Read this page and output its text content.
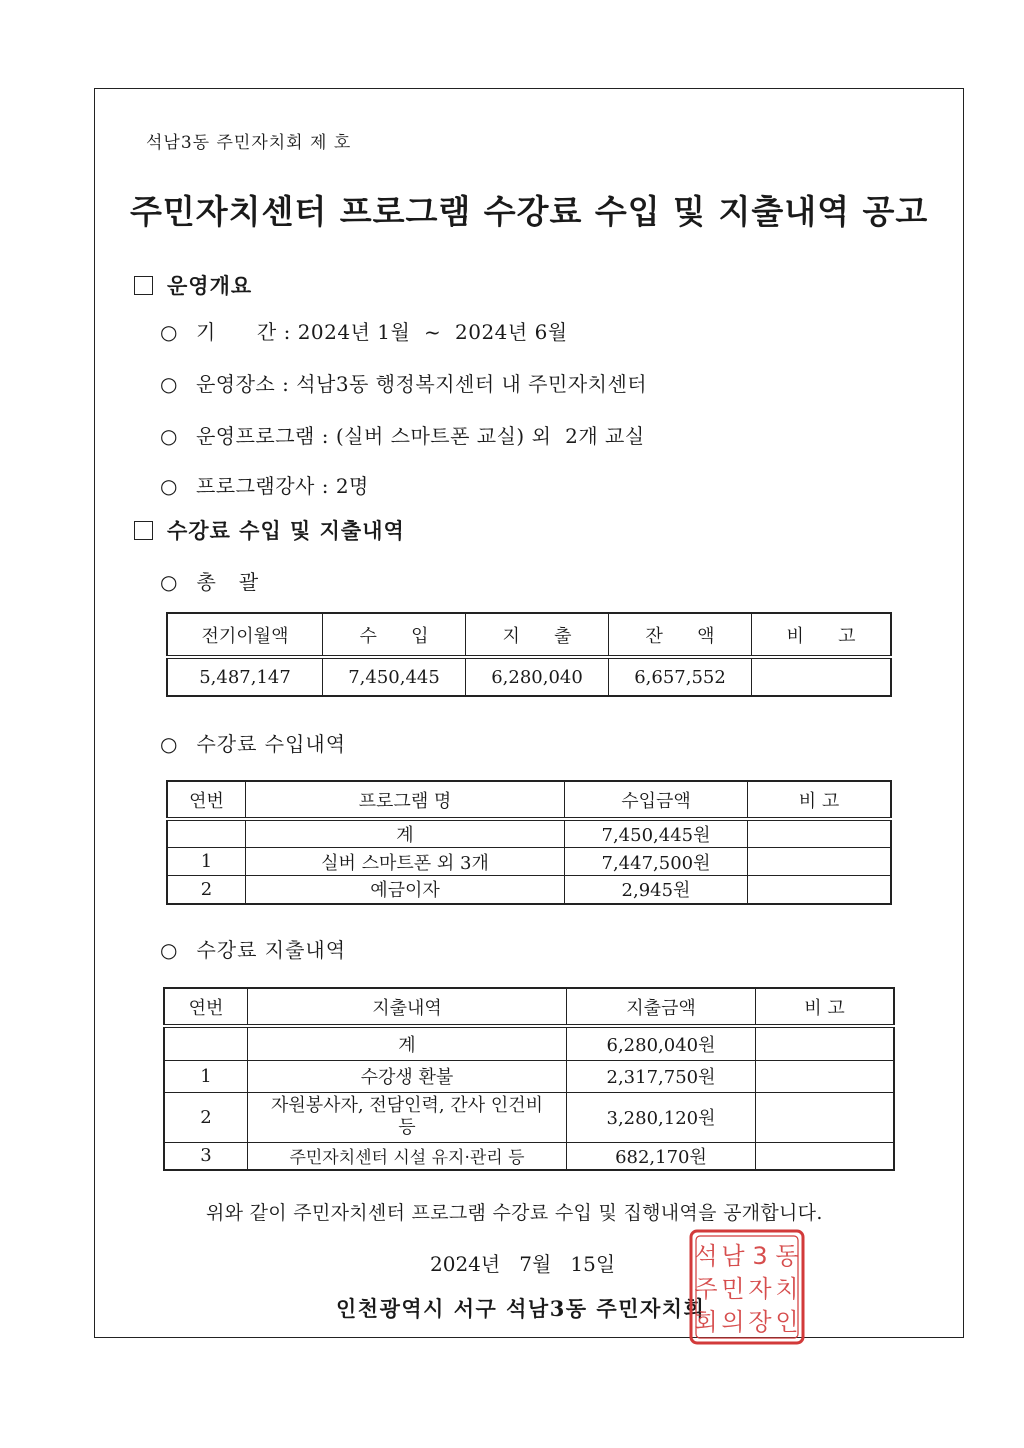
석남3동 주민자치회 제 호
주민자치센터 프로그램 수강료 수입 및 지출내역 공고
운영개요
○ 기      간 : 2024년 1월  ~  2024년 6월
○ 운영장소 : 석남3동 행정복지센터 내 주민자치센터
○ 운영프로그램 : (실버 스마트폰 교실) 외  2개 교실
○ 프로그램강사 : 2명
수강료 수입 및 지출내역
○ 총   괄
전기이월액	수      입	지      출	잔      액	비      고
5,487,147	7,450,445	6,280,040	6,657,552	
○ 수강료 수입내역
연번	프로그램 명	수입금액	비 고
	계	7,450,445원	
1	실버 스마트폰 외 3개	7,447,500원	
2	예금이자	2,945원	
○ 수강료 지출내역
연번	지출내역	지출금액	비 고
	계	6,280,040원	
1	수강생 환불	2,317,750원	
2	자원봉사자, 전담인력, 간사 인건비 등	3,280,120원	
3	주민자치센터 시설 유지·관리 등	682,170원	
위와 같이 주민자치센터 프로그램 수강료 수입 및 집행내역을 공개합니다.
2024년   7월   15일
인천광역시 서구 석남3동 주민자치회
석 남 3 동
주 민 자 치
회 의 장 인
